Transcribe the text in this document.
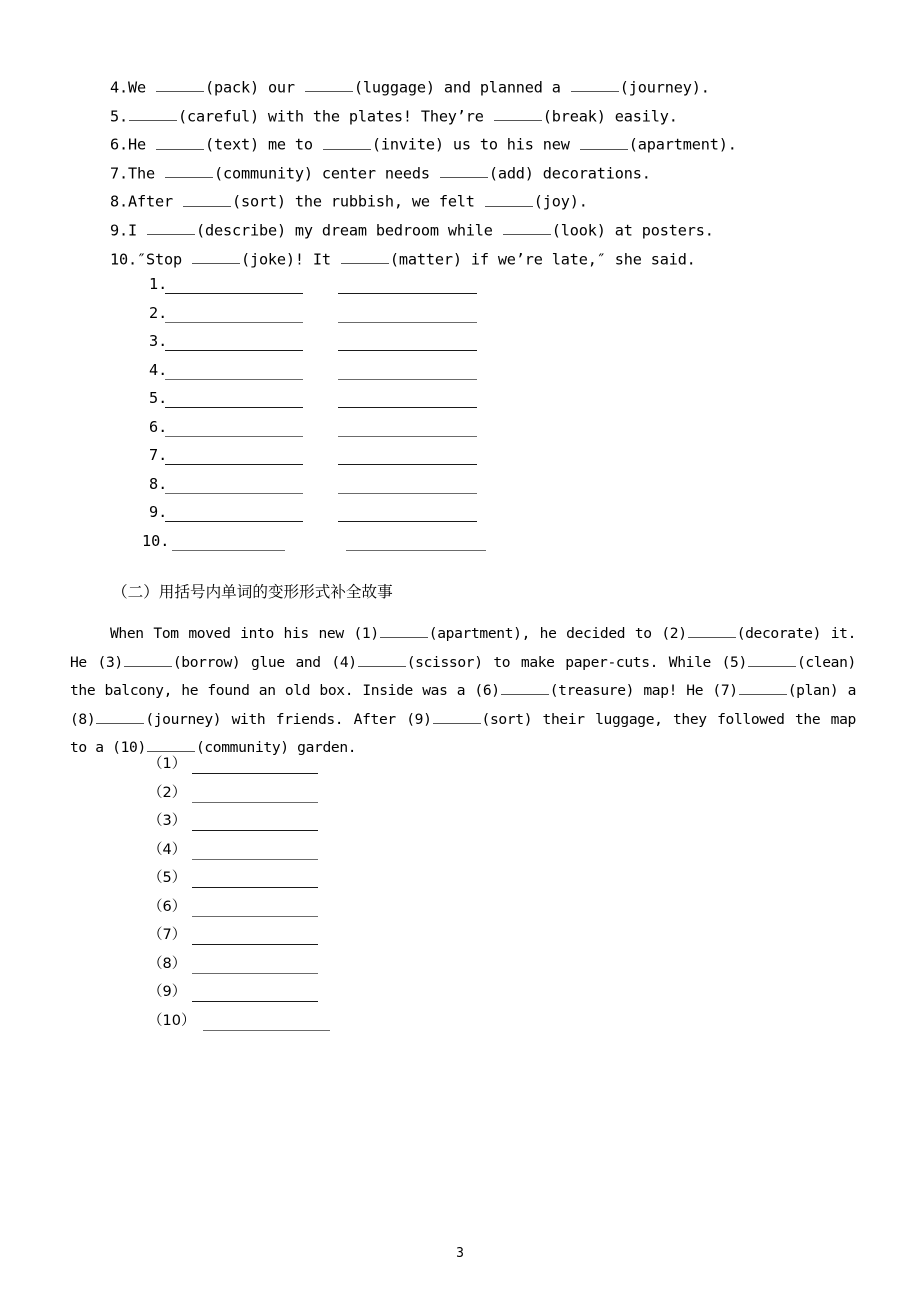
4.We	(pack) our	(luggage) and planned a	(journey).
5.	(careful) with the plates! They’re	(break) easily.
6.He	(text) me to	(invite) us to his new	(apartment).
7.The	(community) center needs	(add) decorations.
8.After	(sort) the rubbish, we felt	(joy).
9.I	(describe) my dream bedroom while	(look) at posters.
10.″Stop	(joke)! It	(matter) if we’re late,″ she said.
1.
2.
3.
4.
5.
6.
7.
8.
9.
10.
（二）用括号内单词的变形形式补全故事
When Tom moved into his new (1)	(apartment), he decided to (2)	(decorate) it. He (3)	(borrow) glue and (4)	(scissor) to make paper-cuts. While (5)	(clean) the balcony, he found an old box. Inside was a (6)	(treasure) map! He (7)	(plan) a (8)	(journey) with friends. After (9)	(sort) their luggage, they followed the map to a (10)	(community) garden.
（1）
（2）
（3）
（4）
（5）
（6）
（7）
（8）
（9）
（10）
3
